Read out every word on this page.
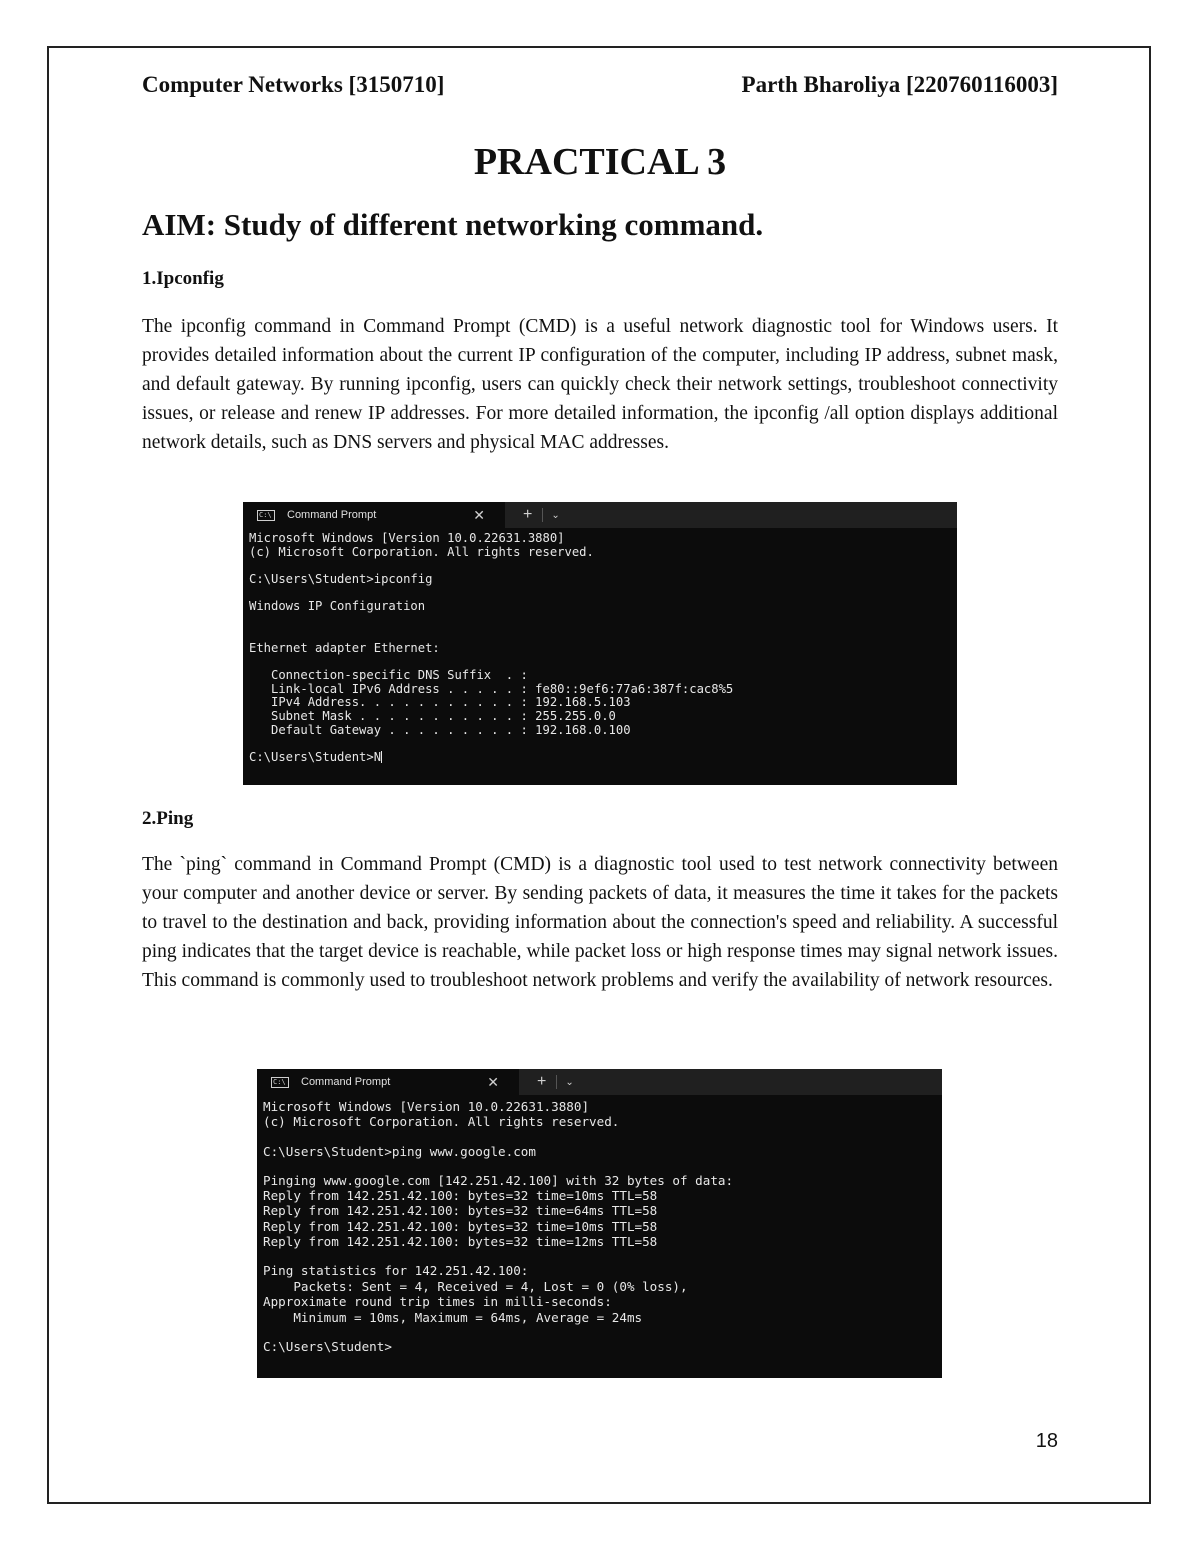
Computer Networks [3150710]	Parth Bharoliya [220760116003]
PRACTICAL 3
AIM: Study of different networking command.
1.Ipconfig

The ipconfig command in Command Prompt (CMD) is a useful network diagnostic tool for Windows users. It provides detailed information about the current IP configuration of the computer, including IP address, subnet mask, and default gateway. By running ipconfig, users can quickly check their network settings, troubleshoot connectivity issues, or release and renew IP addresses. For more detailed information, the ipconfig /all option displays additional network details, such as DNS servers and physical MAC addresses.

C:\	Command Prompt	✕ + ⌄
Microsoft Windows [Version 10.0.22631.3880]
(c) Microsoft Corporation. All rights reserved.
C:\Users\Student>ipconfig
Windows IP Configuration
Ethernet adapter Ethernet:
Connection-specific DNS Suffix  . :
Link-local IPv6 Address . . . . . : fe80::9ef6:77a6:387f:cac8%5
IPv4 Address. . . . . . . . . . . : 192.168.5.103
Subnet Mask . . . . . . . . . . . : 255.255.0.0
Default Gateway . . . . . . . . . : 192.168.0.100
C:\Users\Student>N
2.Ping

The `ping` command in Command Prompt (CMD) is a diagnostic tool used to test network connectivity between your computer and another device or server. By sending packets of data, it measures the time it takes for the packets to travel to the destination and back, providing information about the connection's speed and reliability. A successful ping indicates that the target device is reachable, while packet loss or high response times may signal network issues. This command is commonly used to troubleshoot network problems and verify the availability of network resources.

C:\	Command Prompt	✕ + ⌄
Microsoft Windows [Version 10.0.22631.3880]
(c) Microsoft Corporation. All rights reserved.
C:\Users\Student>ping www.google.com
Pinging www.google.com [142.251.42.100] with 32 bytes of data:
Reply from 142.251.42.100: bytes=32 time=10ms TTL=58
Reply from 142.251.42.100: bytes=32 time=64ms TTL=58
Reply from 142.251.42.100: bytes=32 time=10ms TTL=58
Reply from 142.251.42.100: bytes=32 time=12ms TTL=58
Ping statistics for 142.251.42.100:
Packets: Sent = 4, Received = 4, Lost = 0 (0% loss),
Approximate round trip times in milli-seconds:
Minimum = 10ms, Maximum = 64ms, Average = 24ms
C:\Users\Student>
18
